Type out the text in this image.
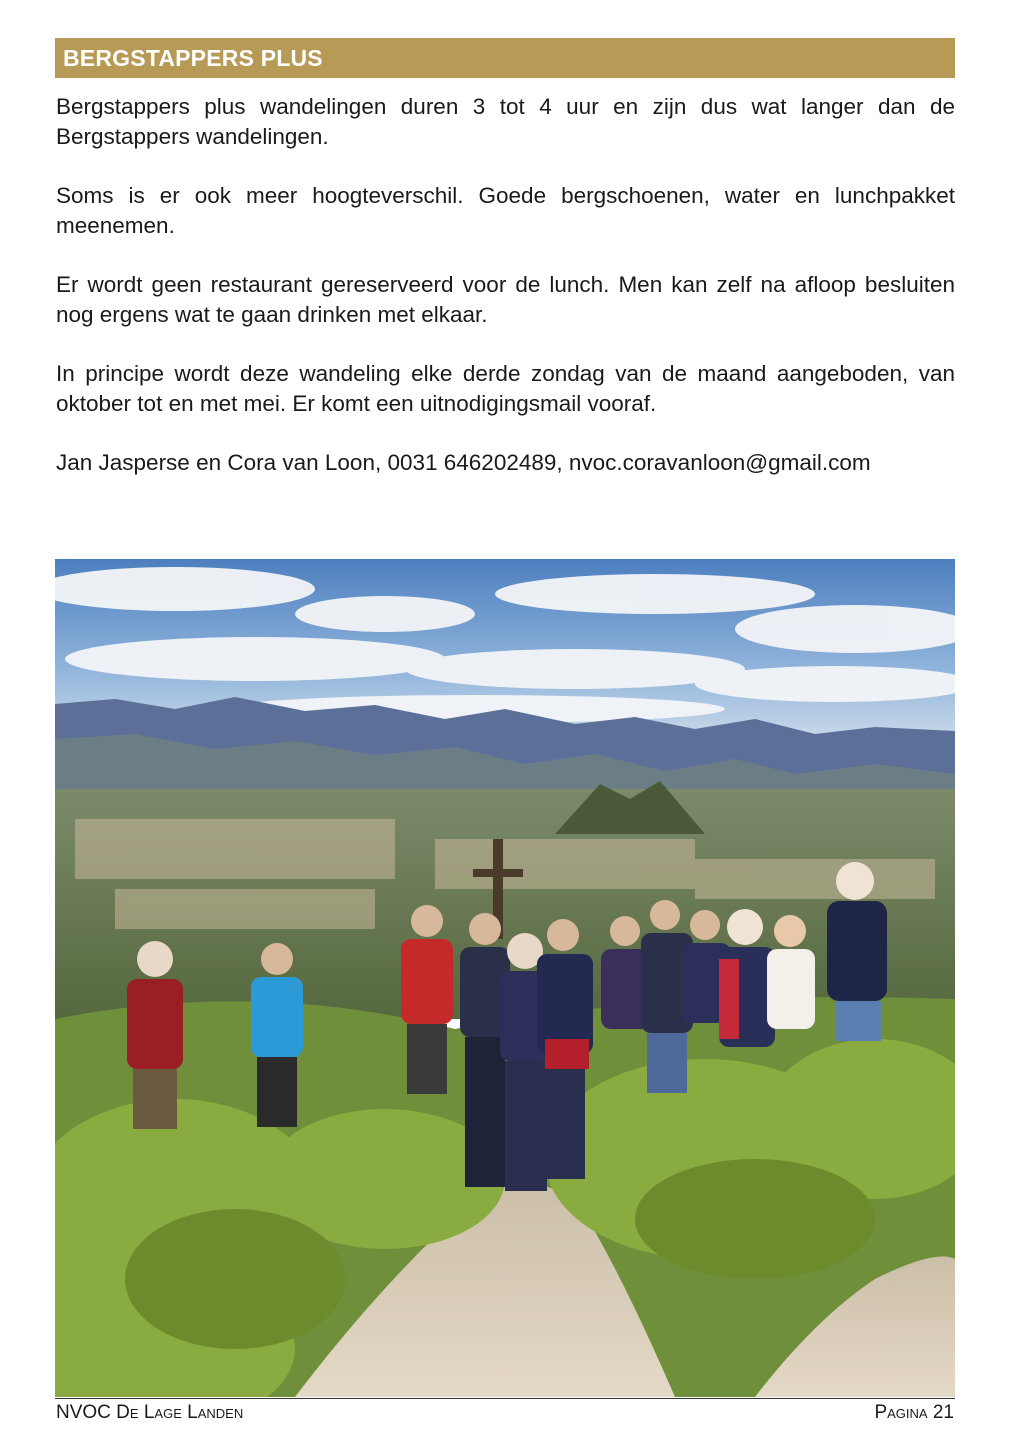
BERGSTAPPERS PLUS

Bergstappers plus wandelingen duren 3 tot 4 uur en zijn dus wat langer dan de Bergstappers wandelingen.

Soms is er ook meer hoogteverschil. Goede bergschoenen, water en lunchpakket meenemen.

Er wordt geen restaurant gereserveerd voor de lunch. Men kan zelf na afloop besluiten nog ergens wat te gaan drinken met elkaar.

In principe wordt deze wandeling elke derde zondag van de maand aangeboden, van oktober tot en met mei. Er komt een uitnodigingsmail vooraf.

Jan Jasperse en Cora van Loon, 0031 646202489, nvoc.coravanloon@gmail.com

NVOC De Lage Landen	Pagina 21
